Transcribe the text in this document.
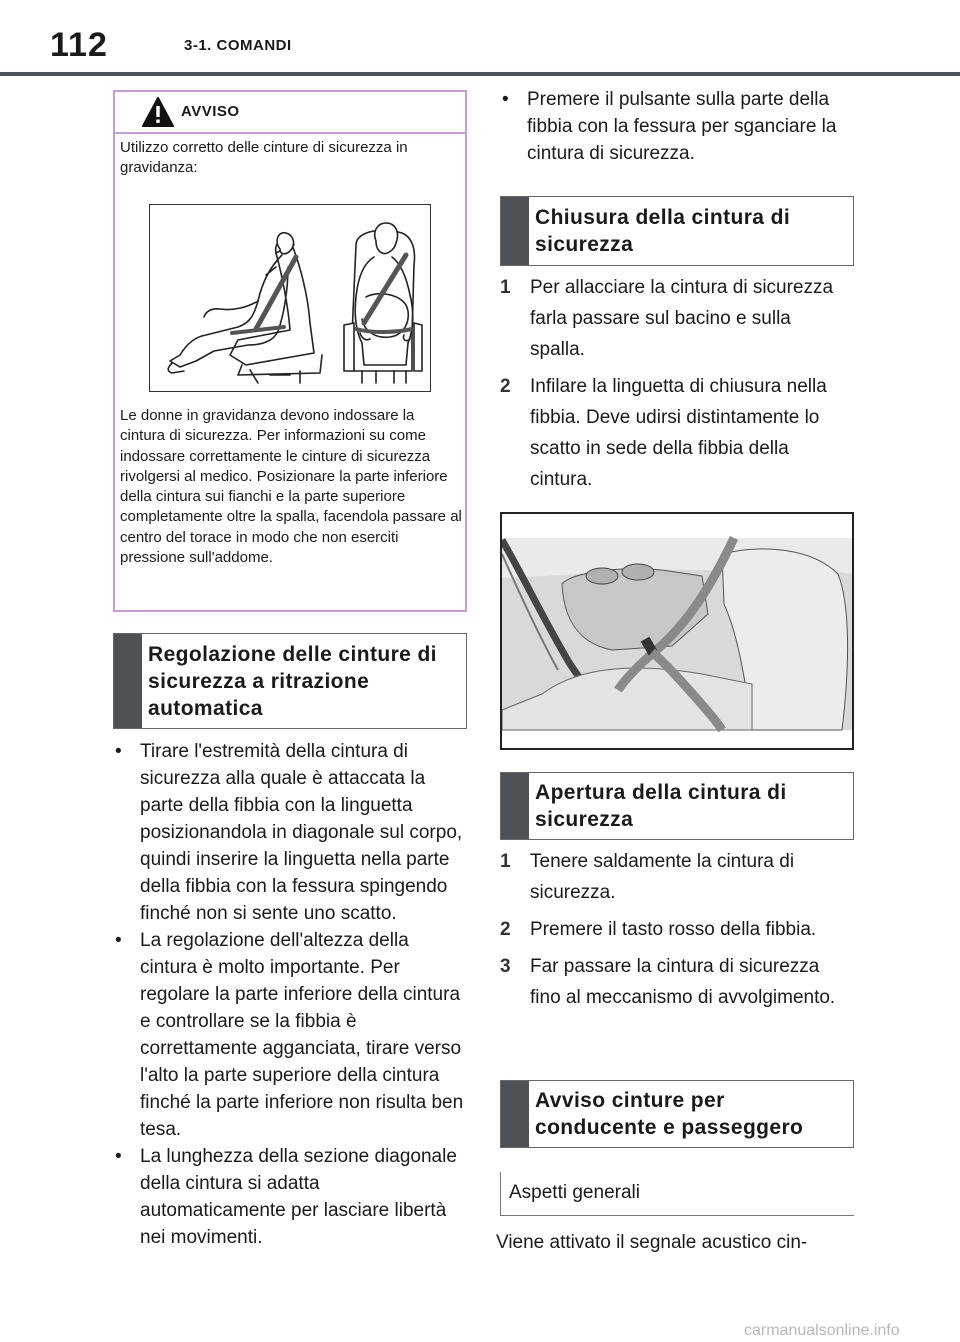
112	3-1. COMANDI
AVVISO
Utilizzo corretto delle cinture di sicurezza in gravidanza:
Le donne in gravidanza devono indossare la cintura di sicurezza. Per informazioni su come indossare correttamente le cinture di sicurezza rivolgersi al medico. Posizionare la parte inferiore della cintura sui fianchi e la parte superiore completamente oltre la spalla, facendola passare al centro del torace in modo che non eserciti pressione sull'addome.
Regolazione delle cinture di sicurezza a ritrazione automatica
• Tirare l'estremità della cintura di sicurezza alla quale è attaccata la parte della fibbia con la linguetta posizionandola in diagonale sul corpo, quindi inserire la linguetta nella parte della fibbia con la fessura spingendo finché non si sente uno scatto.
• La regolazione dell'altezza della cintura è molto importante. Per regolare la parte inferiore della cintura e controllare se la fibbia è correttamente agganciata, tirare verso l'alto la parte superiore della cintura finché la parte inferiore non risulta ben tesa.
• La lunghezza della sezione diagonale della cintura si adatta automaticamente per lasciare libertà nei movimenti.
• Premere il pulsante sulla parte della fibbia con la fessura per sganciare la cintura di sicurezza.
Chiusura della cintura di sicurezza
1 Per allacciare la cintura di sicurezza farla passare sul bacino e sulla spalla.
2 Infilare la linguetta di chiusura nella fibbia. Deve udirsi distintamente lo scatto in sede della fibbia della cintura.
Apertura della cintura di sicurezza
1 Tenere saldamente la cintura di sicurezza.
2 Premere il tasto rosso della fibbia.
3 Far passare la cintura di sicurezza fino al meccanismo di avvolgimento.
Avviso cinture per conducente e passeggero
Aspetti generali
Viene attivato il segnale acustico cin-
carmanualsonline.info
